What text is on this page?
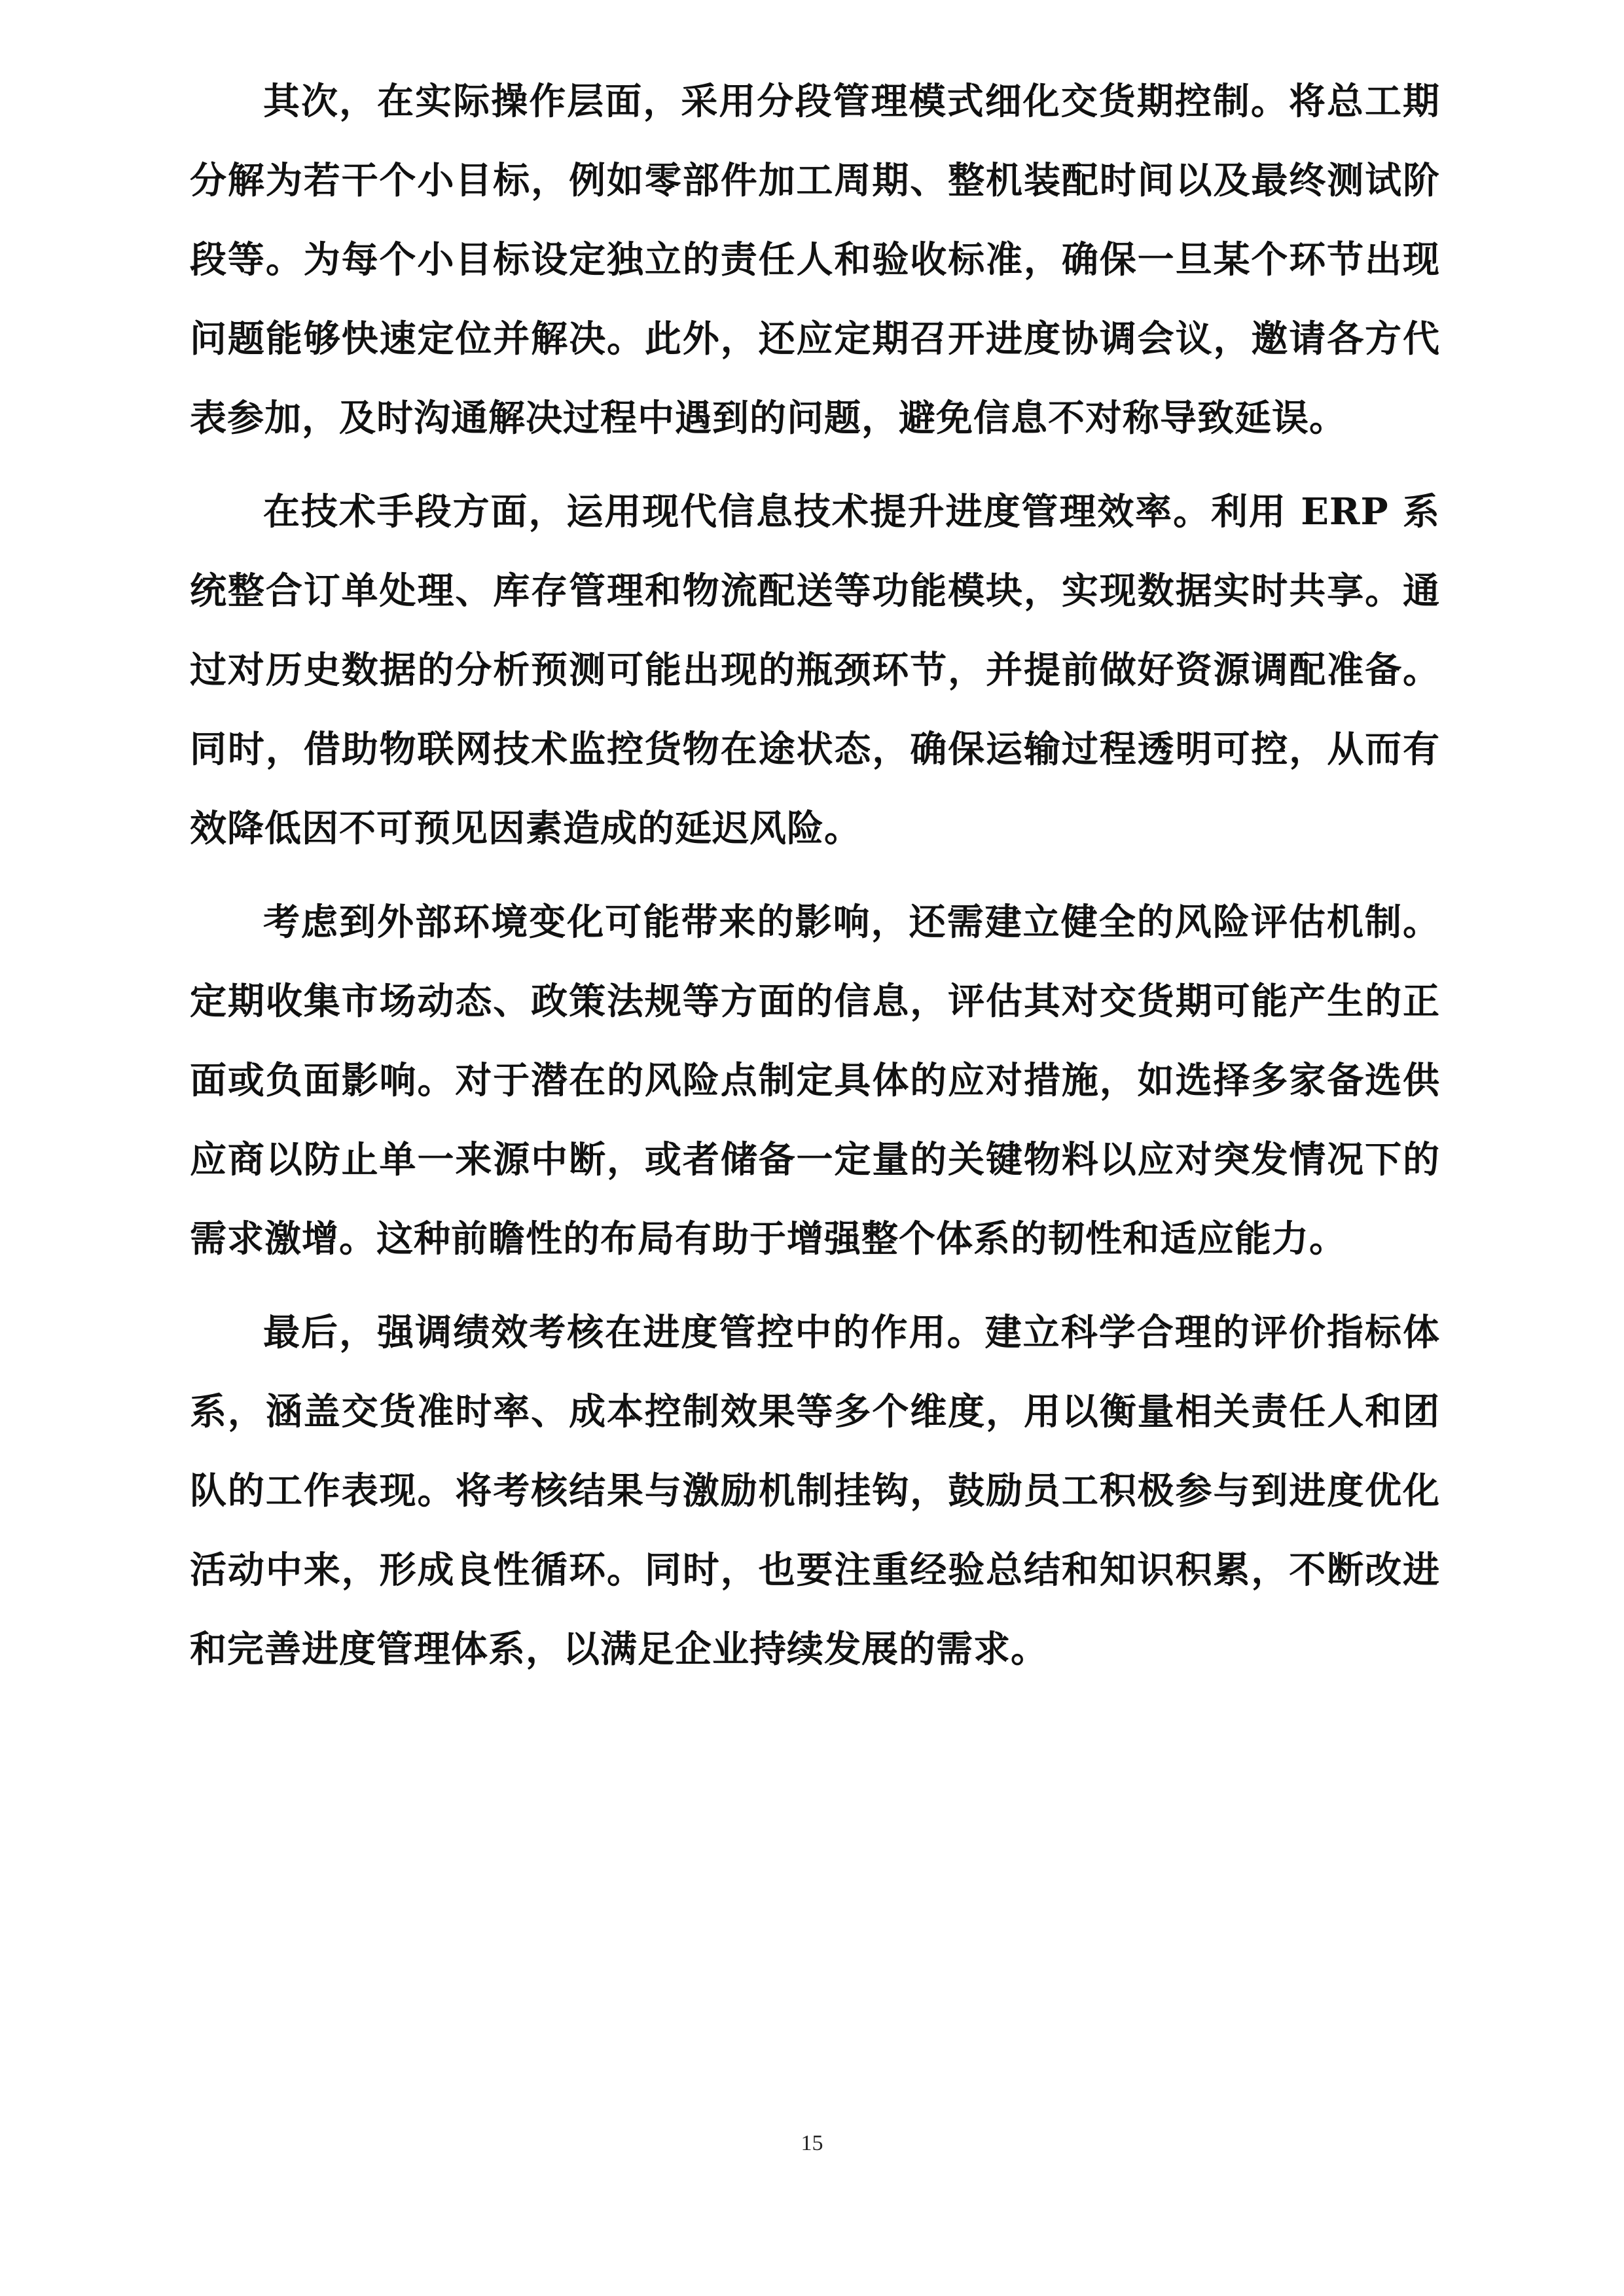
其次，在实际操作层面，采用分段管理模式细化交货期控制。将总工期分解为若干个小目标，例如零部件加工周期、整机装配时间以及最终测试阶段等。为每个小目标设定独立的责任人和验收标准，确保一旦某个环节出现问题能够快速定位并解决。此外，还应定期召开进度协调会议，邀请各方代表参加，及时沟通解决过程中遇到的问题，避免信息不对称导致延误。

在技术手段方面，运用现代信息技术提升进度管理效率。利用 ERP 系统整合订单处理、库存管理和物流配送等功能模块，实现数据实时共享。通过对历史数据的分析预测可能出现的瓶颈环节，并提前做好资源调配准备。同时，借助物联网技术监控货物在途状态，确保运输过程透明可控，从而有效降低因不可预见因素造成的延迟风险。

考虑到外部环境变化可能带来的影响，还需建立健全的风险评估机制。定期收集市场动态、政策法规等方面的信息，评估其对交货期可能产生的正面或负面影响。对于潜在的风险点制定具体的应对措施，如选择多家备选供应商以防止单一来源中断，或者储备一定量的关键物料以应对突发情况下的需求激增。这种前瞻性的布局有助于增强整个体系的韧性和适应能力。

最后，强调绩效考核在进度管控中的作用。建立科学合理的评价指标体系，涵盖交货准时率、成本控制效果等多个维度，用以衡量相关责任人和团队的工作表现。将考核结果与激励机制挂钩，鼓励员工积极参与到进度优化活动中来，形成良性循环。同时，也要注重经验总结和知识积累，不断改进和完善进度管理体系，以满足企业持续发展的需求。

15
